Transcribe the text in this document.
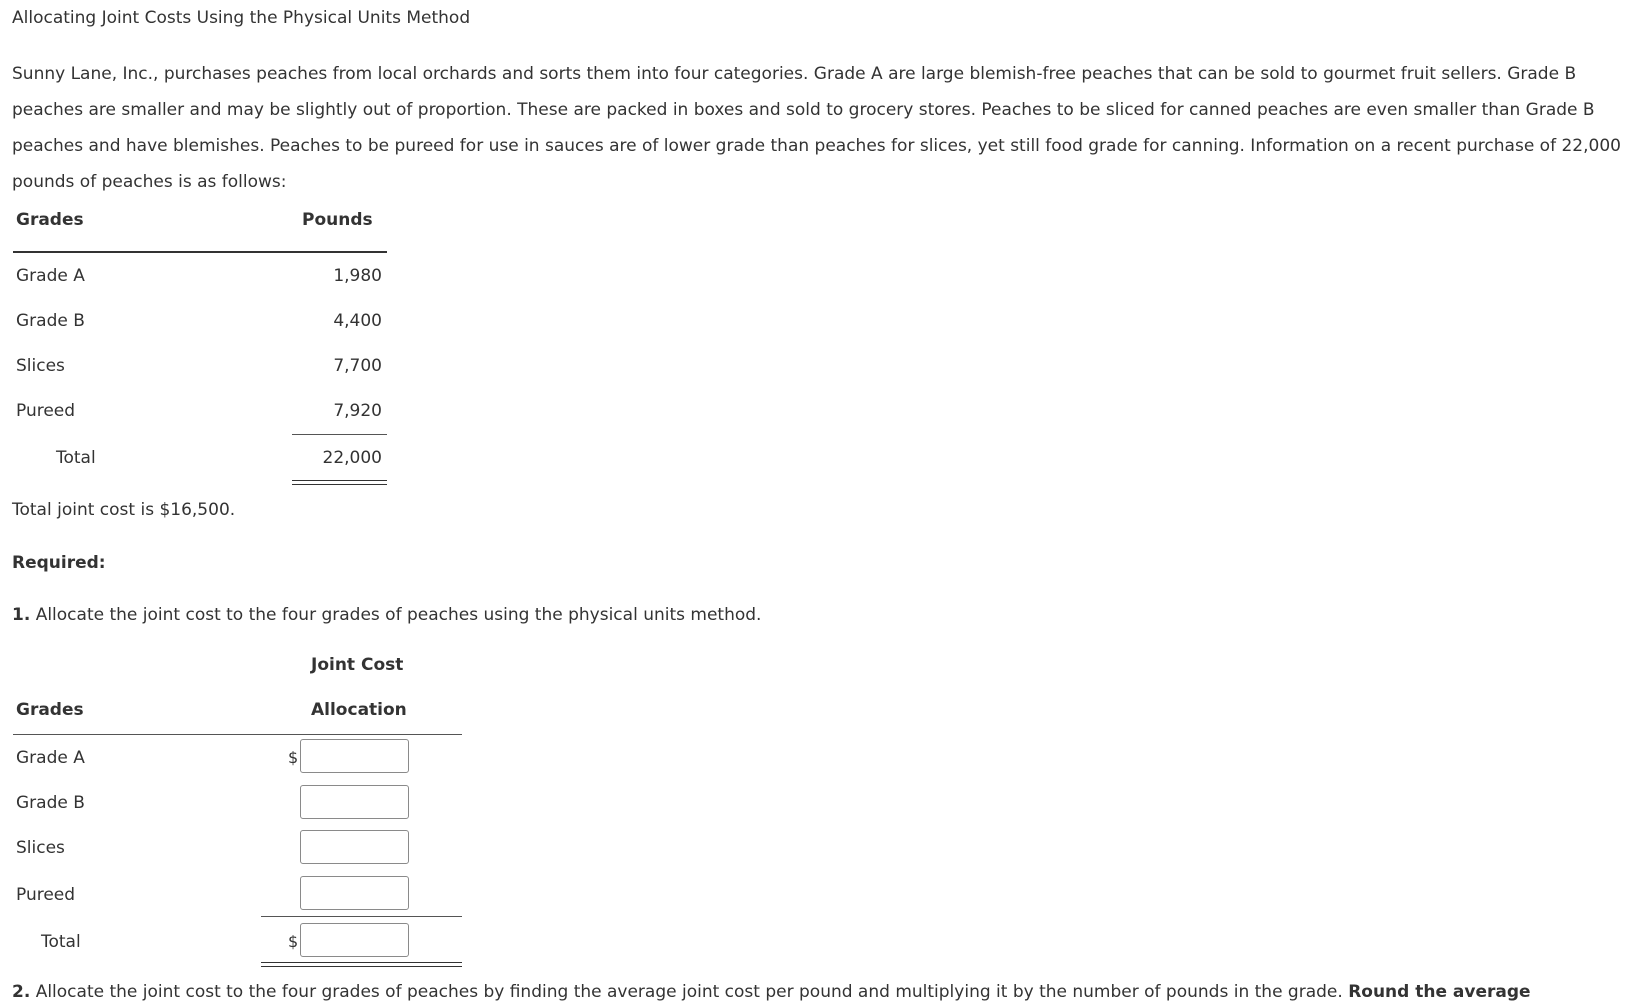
Allocating Joint Costs Using the Physical Units Method
Sunny Lane, Inc., purchases peaches from local orchards and sorts them into four categories. Grade A are large blemish-free peaches that can be sold to gourmet fruit sellers. Grade B peaches are smaller and may be slightly out of proportion. These are packed in boxes and sold to grocery stores. Peaches to be sliced for canned peaches are even smaller than Grade B peaches and have blemishes. Peaches to be pureed for use in sauces are of lower grade than peaches for slices, yet still food grade for canning. Information on a recent purchase of 22,000 pounds of peaches is as follows:
Grades	Pounds
Grade A	1,980
Grade B	4,400
Slices	7,700
Pureed	7,920
Total	22,000
Total joint cost is $16,500.
Required:
1. Allocate the joint cost to the four grades of peaches using the physical units method.
Joint Cost
Grades	Allocation
Grade A	$
Grade B
Slices
Pureed
Total	$
2. Allocate the joint cost to the four grades of peaches by finding the average joint cost per pound and multiplying it by the number of pounds in the grade. Round the average
